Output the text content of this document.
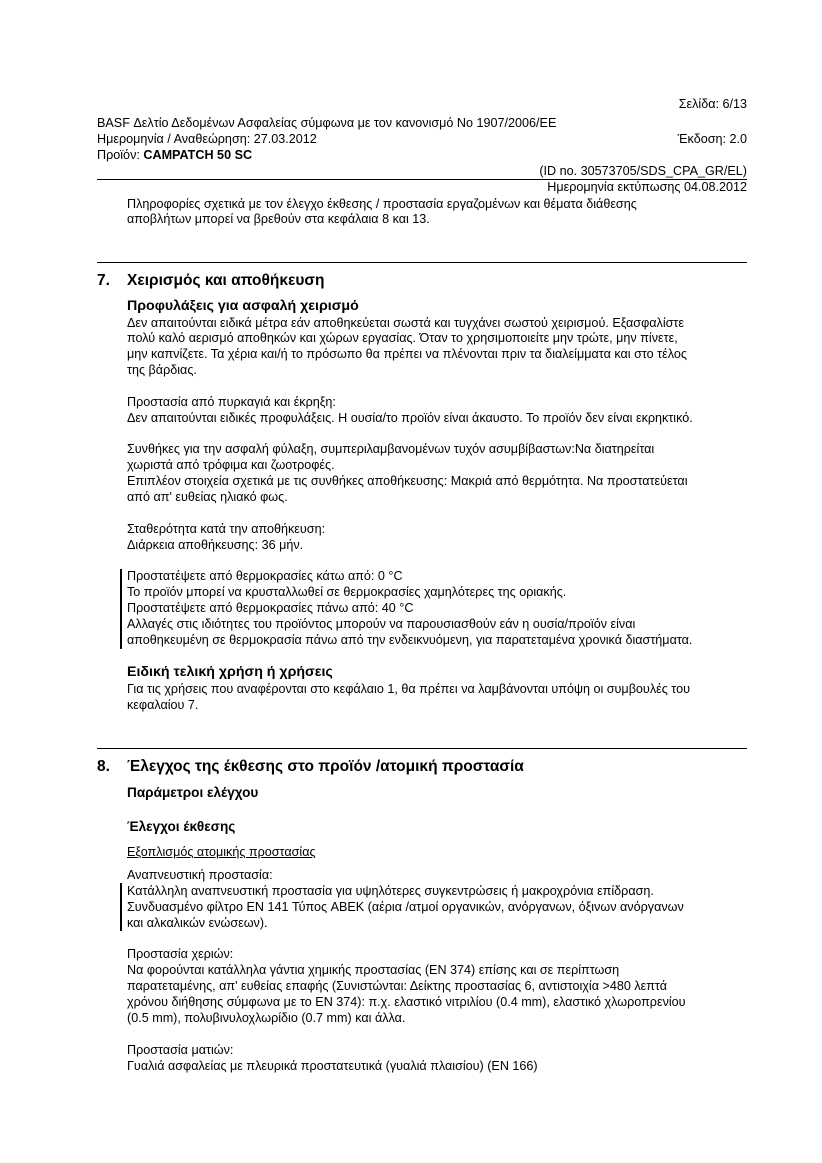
Σελίδα: 6/13
BASF Δελτίο Δεδομένων Ασφαλείας σύμφωνα με τον κανονισμό Νο 1907/2006/ΕΕ
Ημερομηνία / Αναθεώρηση: 27.03.2012	Έκδοση: 2.0
Προϊόν: CAMPATCH 50 SC
(ID no. 30573705/SDS_CPA_GR/EL)
Ημερομηνία εκτύπωσης 04.08.2012
Πληροφορίες σχετικά με τον έλεγχο έκθεσης / προστασία εργαζομένων και θέματα διάθεσης
αποβλήτων μπορεί να βρεθούν στα κεφάλαια 8 και 13.
7. Χειρισμός και αποθήκευση
Προφυλάξεις για ασφαλή χειρισμό
Δεν απαιτούνται ειδικά μέτρα εάν αποθηκεύεται σωστά και τυγχάνει σωστού χειρισμού. Εξασφαλίστε
πολύ καλό αερισμό αποθηκών και χώρων εργασίας. Όταν το χρησιμοποιείτε μην τρώτε, μην πίνετε,
μην καπνίζετε. Τα χέρια και/ή το πρόσωπο θα πρέπει να πλένονται πριν τα διαλείμματα και στο τέλος
της βάρδιας.
Προστασία από πυρκαγιά και έκρηξη:
Δεν απαιτούνται ειδικές προφυλάξεις. Η ουσία/το προϊόν είναι άκαυστο. Το προϊόν δεν είναι εκρηκτικό.
Συνθήκες για την ασφαλή φύλαξη, συμπεριλαμβανομένων τυχόν ασυμβίβαστων:Να διατηρείται
χωριστά από τρόφιμα και ζωοτροφές.
Επιπλέον στοιχεία σχετικά με τις συνθήκες αποθήκευσης: Μακριά από θερμότητα. Να προστατεύεται
από απ' ευθείας ηλιακό φως.
Σταθερότητα κατά την αποθήκευση:
Διάρκεια αποθήκευσης: 36 μήν.
Προστατέψετε από θερμοκρασίες κάτω από: 0 °C
Το προϊόν μπορεί να κρυσταλλωθεί σε θερμοκρασίες χαμηλότερες της οριακής.
Προστατέψετε από θερμοκρασίες πάνω από: 40 °C
Αλλαγές στις ιδιότητες του προϊόντος μπορούν να παρουσιασθούν εάν η ουσία/προϊόν είναι
αποθηκευμένη σε θερμοκρασία πάνω από την ενδεικνυόμενη, για παρατεταμένα χρονικά διαστήματα.
Ειδική τελική χρήση ή χρήσεις
Για τις χρήσεις που αναφέρονται στο κεφάλαιο 1, θα πρέπει να λαμβάνονται υπόψη οι συμβουλές του
κεφαλαίου 7.
8. Έλεγχος της έκθεσης στο προϊόν /ατομική προστασία
Παράμετροι ελέγχου
Έλεγχοι έκθεσης
Εξοπλισμός ατομικής προστασίας
Αναπνευστική προστασία:
Κατάλληλη αναπνευστική προστασία για υψηλότερες συγκεντρώσεις ή μακροχρόνια επίδραση.
Συνδυασμένο φίλτρο EN 141 Τύπος ABEK (αέρια /ατμοί οργανικών, ανόργανων, όξινων ανόργανων
και αλκαλικών ενώσεων).
Προστασία χεριών:
Να φορούνται κατάλληλα γάντια χημικής προστασίας (EN 374) επίσης και σε περίπτωση
παρατεταμένης, απ' ευθείας επαφής (Συνιστώνται: Δείκτης προστασίας 6, αντιστοιχία >480 λεπτά
χρόνου διήθησης σύμφωνα με το EN 374): π.χ. ελαστικό νιτριλίου (0.4 mm), ελαστικό χλωροπρενίου
(0.5 mm), πολυβινυλοχλωρίδιο (0.7 mm) και άλλα.
Προστασία ματιών:
Γυαλιά ασφαλείας με πλευρικά προστατευτικά (γυαλιά πλαισίου) (EN 166)
